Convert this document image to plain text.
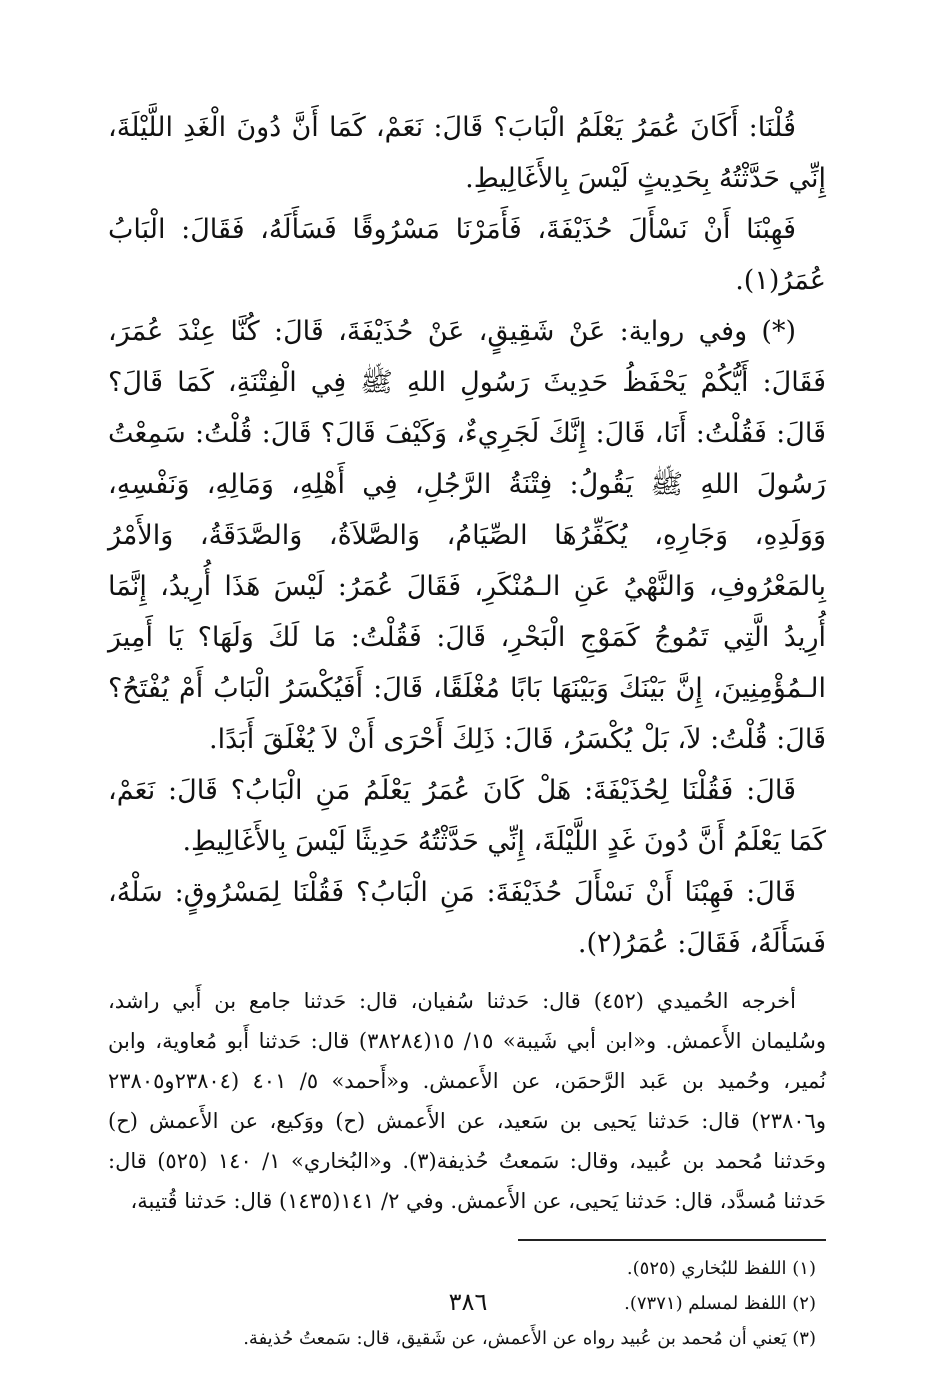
قُلْنَا: أَكَانَ عُمَرُ يَعْلَمُ الْبَابَ؟ قَالَ: نَعَمْ، كَمَا أَنَّ دُونَ الْغَدِ اللَّيْلَةَ، إِنِّي حَدَّثْتُهُ بِحَدِيثٍ لَيْسَ بِالأَغَالِيطِ.

فَهِبْنَا أَنْ نَسْأَلَ حُذَيْفَةَ، فَأَمَرْنَا مَسْرُوقًا فَسَأَلَهُ، فَقَالَ: الْبَابُ عُمَرُ(١).

(*) وفي رواية: عَنْ شَقِيقٍ، عَنْ حُذَيْفَةَ، قَالَ: كُنَّا عِنْدَ عُمَرَ، فَقَالَ: أَيُّكُمْ يَحْفَظُ حَدِيثَ رَسُولِ اللهِ ﷺ فِي الْفِتْنَةِ، كَمَا قَالَ؟ قَالَ: فَقُلْتُ: أَنَا، قَالَ: إِنَّكَ لَجَرِيءٌ، وَكَيْفَ قَالَ؟ قَالَ: قُلْتُ: سَمِعْتُ رَسُولَ اللهِ ﷺ يَقُولُ: فِتْنَةُ الرَّجُلِ، فِي أَهْلِهِ، وَمَالِهِ، وَنَفْسِهِ، وَوَلَدِهِ، وَجَارِهِ، يُكَفِّرُهَا الصِّيَامُ، وَالصَّلاَةُ، وَالصَّدَقَةُ، وَالأَمْرُ بِالمَعْرُوفِ، وَالنَّهْيُ عَنِ الـمُنْكَرِ، فَقَالَ عُمَرُ: لَيْسَ هَذَا أُرِيدُ، إِنَّمَا أُرِيدُ الَّتِي تَمُوجُ كَمَوْجِ الْبَحْرِ، قَالَ: فَقُلْتُ: مَا لَكَ وَلَهَا؟ يَا أَمِيرَ الـمُؤْمِنِينَ، إِنَّ بَيْنَكَ وَبَيْنَهَا بَابًا مُغْلَقًا، قَالَ: أَفَيُكْسَرُ الْبَابُ أَمْ يُفْتَحُ؟ قَالَ: قُلْتُ: لاَ، بَلْ يُكْسَرُ، قَالَ: ذَلِكَ أَحْرَى أَنْ لاَ يُغْلَقَ أَبَدًا.

قَالَ: فَقُلْنَا لِحُذَيْفَةَ: هَلْ كَانَ عُمَرُ يَعْلَمُ مَنِ الْبَابُ؟ قَالَ: نَعَمْ، كَمَا يَعْلَمُ أَنَّ دُونَ غَدٍ اللَّيْلَةَ، إِنِّي حَدَّثْتُهُ حَدِيثًا لَيْسَ بِالأَغَالِيطِ.

قَالَ: فَهِبْنَا أَنْ نَسْأَلَ حُذَيْفَةَ: مَنِ الْبَابُ؟ فَقُلْنَا لِمَسْرُوقٍ: سَلْهُ، فَسَأَلَهُ، فَقَالَ: عُمَرُ(٢).

أخرجه الحُميدي (٤٥٢) قال: حَدثنا سُفيان، قال: حَدثنا جامع بن أَبي راشد، وسُليمان الأَعمش. و«ابن أبي شَيبة» ١٥/ ١٥(٣٨٢٨٤) قال: حَدثنا أَبو مُعاوية، وابن نُمير، وحُميد بن عَبد الرَّحمَن، عن الأَعمش. و«أَحمد» ٥/ ٤٠١ (٢٣٨٠٤و٢٣٨٠٥ و٢٣٨٠٦) قال: حَدثنا يَحيى بن سَعيد، عن الأَعمش (ح) ووَكيع، عن الأَعمش (ح) وحَدثنا مُحمد بن عُبيد، وقال: سَمعتُ حُذيفة(٣). و«البُخاري» ١/ ١٤٠ (٥٢٥) قال: حَدثنا مُسدَّد، قال: حَدثنا يَحيى، عن الأَعمش. وفي ٢/ ١٤١(١٤٣٥) قال: حَدثنا قُتيبة،

(١) اللفظ للبُخاري (٥٢٥).

(٢) اللفظ لمسلم (٧٣٧١).

(٣) يَعني أن مُحمد بن عُبيد رواه عن الأَعمش، عن شَقيق، قال: سَمعتُ حُذيفة.

٣٨٦
